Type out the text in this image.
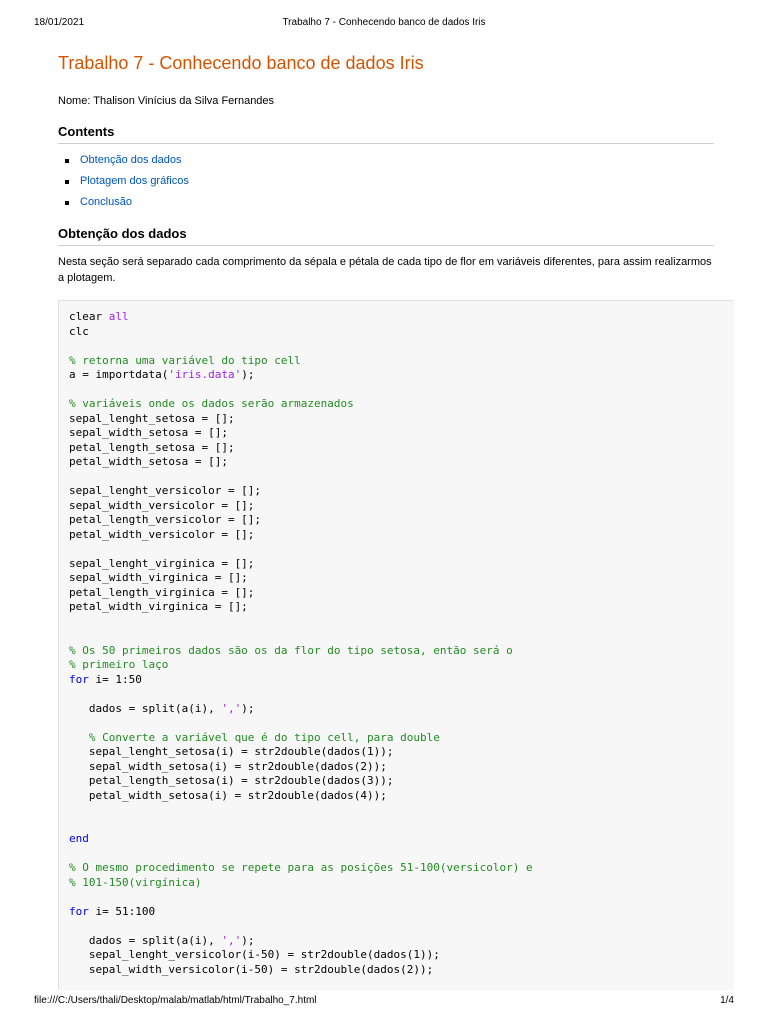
18/01/2021	Trabalho 7 - Conhecendo banco de dados Iris
Trabalho 7 - Conhecendo banco de dados Iris

Nome: Thalison Vinícius da Silva Fernandes

Contents
Obtenção dos dados
Plotagem dos gráficos
Conclusão
Obtenção dos dados

Nesta seção será separado cada comprimento da sépala e pétala de cada tipo de flor em variáveis diferentes, para assim realizarmos a plotagem.

clear all
clc

% retorna uma variável do tipo cell
a = importdata('iris.data');

% variáveis onde os dados serão armazenados
sepal_lenght_setosa = [];
sepal_width_setosa = [];
petal_length_setosa = [];
petal_width_setosa = [];

sepal_lenght_versicolor = [];
sepal_width_versicolor = [];
petal_length_versicolor = [];
petal_width_versicolor = [];

sepal_lenght_virginica = [];
sepal_width_virginica = [];
petal_length_virginica = [];
petal_width_virginica = [];

% Os 50 primeiros dados são os da flor do tipo setosa, então será o
% primeiro laço
for i= 1:50

dados = split(a(i), ',');

% Converte a variável que é do tipo cell, para double
sepal_lenght_setosa(i) = str2double(dados(1));
sepal_width_setosa(i) = str2double(dados(2));
petal_length_setosa(i) = str2double(dados(3));
petal_width_setosa(i) = str2double(dados(4));

end

% O mesmo procedimento se repete para as posições 51-100(versicolor) e
% 101-150(virgínica)

for i= 51:100

dados = split(a(i), ',');
sepal_lenght_versicolor(i-50) = str2double(dados(1));
sepal_width_versicolor(i-50) = str2double(dados(2));

file:///C:/Users/thali/Desktop/malab/matlab/html/Trabalho_7.html	1/4
